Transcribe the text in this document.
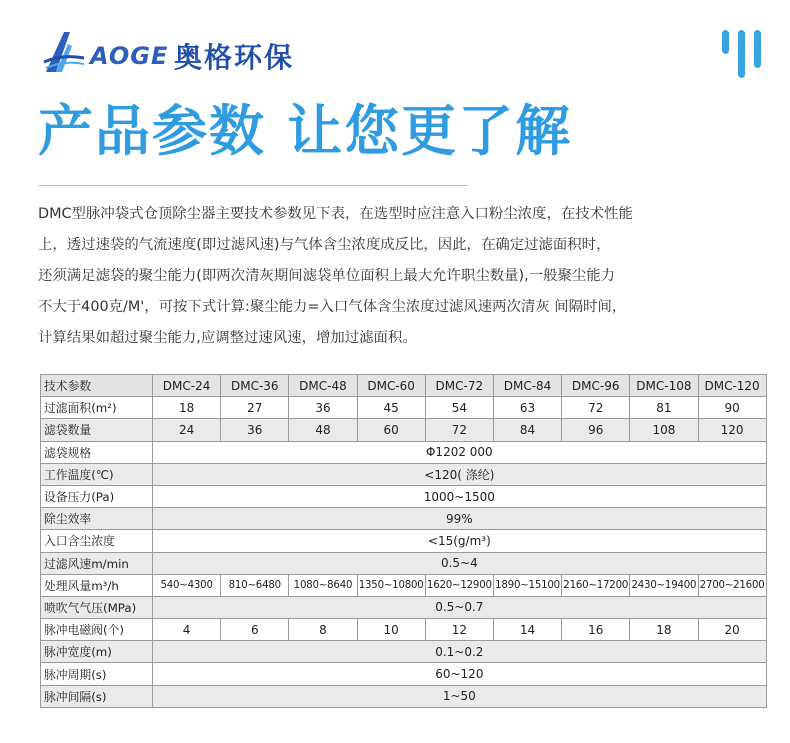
AOGE 奥格环保
产品参数 让您更了解

DMC型脉冲袋式仓顶除尘器主要技术参数见下表，在选型时应注意入口粉尘浓度，在技术性能

上，透过速袋的气流速度(即过滤风速)与气体含尘浓度成反比，因此，在确定过滤面积时，

还须满足滤袋的聚尘能力(即两次清灰期间滤袋单位面积上最大允许职尘数量),一般聚尘能力

不大于400克/M'，可按下式计算:聚尘能力=入口气体含尘浓度过滤风速两次清灰 间隔时间，

计算结果如超过聚尘能力,应调整过速风速，增加过滤面积。

技术参数	DMC-24	DMC-36	DMC-48	DMC-60	DMC-72	DMC-84	DMC-96	DMC-108	DMC-120
过滤面积(m²)	18	27	36	45	54	63	72	81	90
滤袋数量	24	36	48	60	72	84	96	108	120
滤袋规格	Φ1202 000								
工作温度(℃)	<120( 涤纶)								
设备压力(Pa)	1000~1500								
除尘效率	99%								
入口含尘浓度	<15(g/m³)								
过滤风速m/min	0.5~4								
处理风量m³/h	540~4300	810~6480	1080~8640	1350~10800	1620~12900	1890~15100	2160~17200	2430~19400	2700~21600
喷吹气气压(MPa)	0.5~0.7								
脉冲电磁阀(个)	4	6	8	10	12	14	16	18	20
脉冲宽度(m)	0.1~0.2								
脉冲周期(s)	60~120								
脉冲间隔(s)	1~50								
